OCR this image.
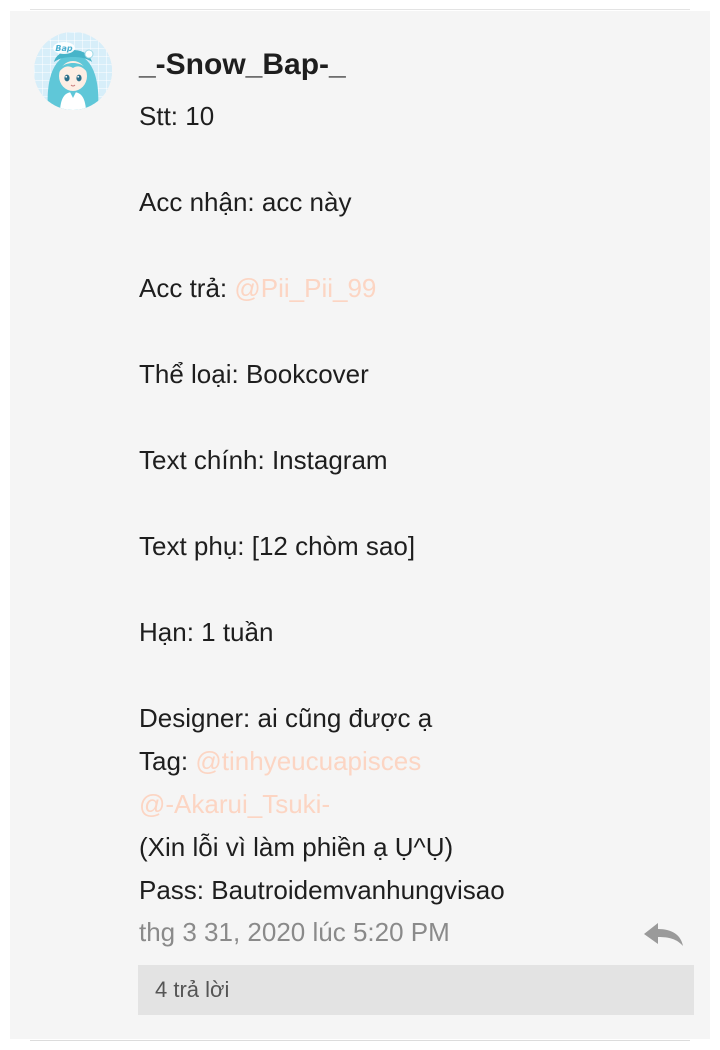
Bap _-Snow_Bap-_
Stt: 10
Acc nhận: acc này
Acc trả: @Pii_Pii_99
Thể loại: Bookcover
Text chính: Instagram
Text phụ: [12 chòm sao]
Hạn: 1 tuần
Designer: ai cũng được ạ
Tag: @tinhyeucuapisces
@-Akarui_Tsuki-
(Xin lỗi vì làm phiền ạ Ụ^Ụ)
Pass: Bautroidemvanhungvisao
thg 3 31, 2020 lúc 5:20 PM
4 trả lời
